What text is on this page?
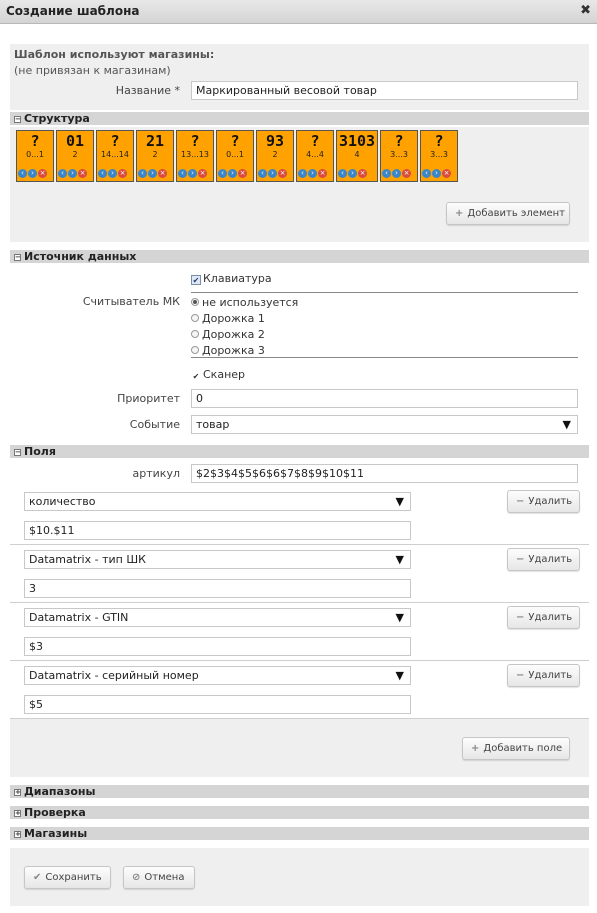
Создание шаблона	✖
Шаблон используют магазины:
(не привязан к магазинам)
Название *	Маркированный весовой товар
− Структура
?
0...1
‹ › ×
01
2
‹ › ×
?
14...14
‹ › ×
21
2
‹ › ×
?
13...13
‹ › ×
?
0...1
‹ › ×
93
2
‹ › ×
?
4...4
‹ › ×
3103
4
‹ › ×
?
3...3
‹ › ×
?
3...3
‹ › ×
+ Добавить элемент
− Источник данных
✔ Клавиатура
Считыватель МК	не используется
Дорожка 1
Дорожка 2
Дорожка 3
✔ Сканер
Приоритет	0
Событие	товар	▼
− Поля
артикул	$2$3$4$5$6$6$7$8$9$10$11
количество	▼	− Удалить
$10.$11
Datamatrix - тип ШК	▼	− Удалить
3
Datamatrix - GTIN	▼	− Удалить
$3
Datamatrix - серийный номер	▼	− Удалить
$5
+ Добавить поле
+ Диапазоны
+ Проверка
+ Магазины
✔ Сохранить	⊘ Отмена
